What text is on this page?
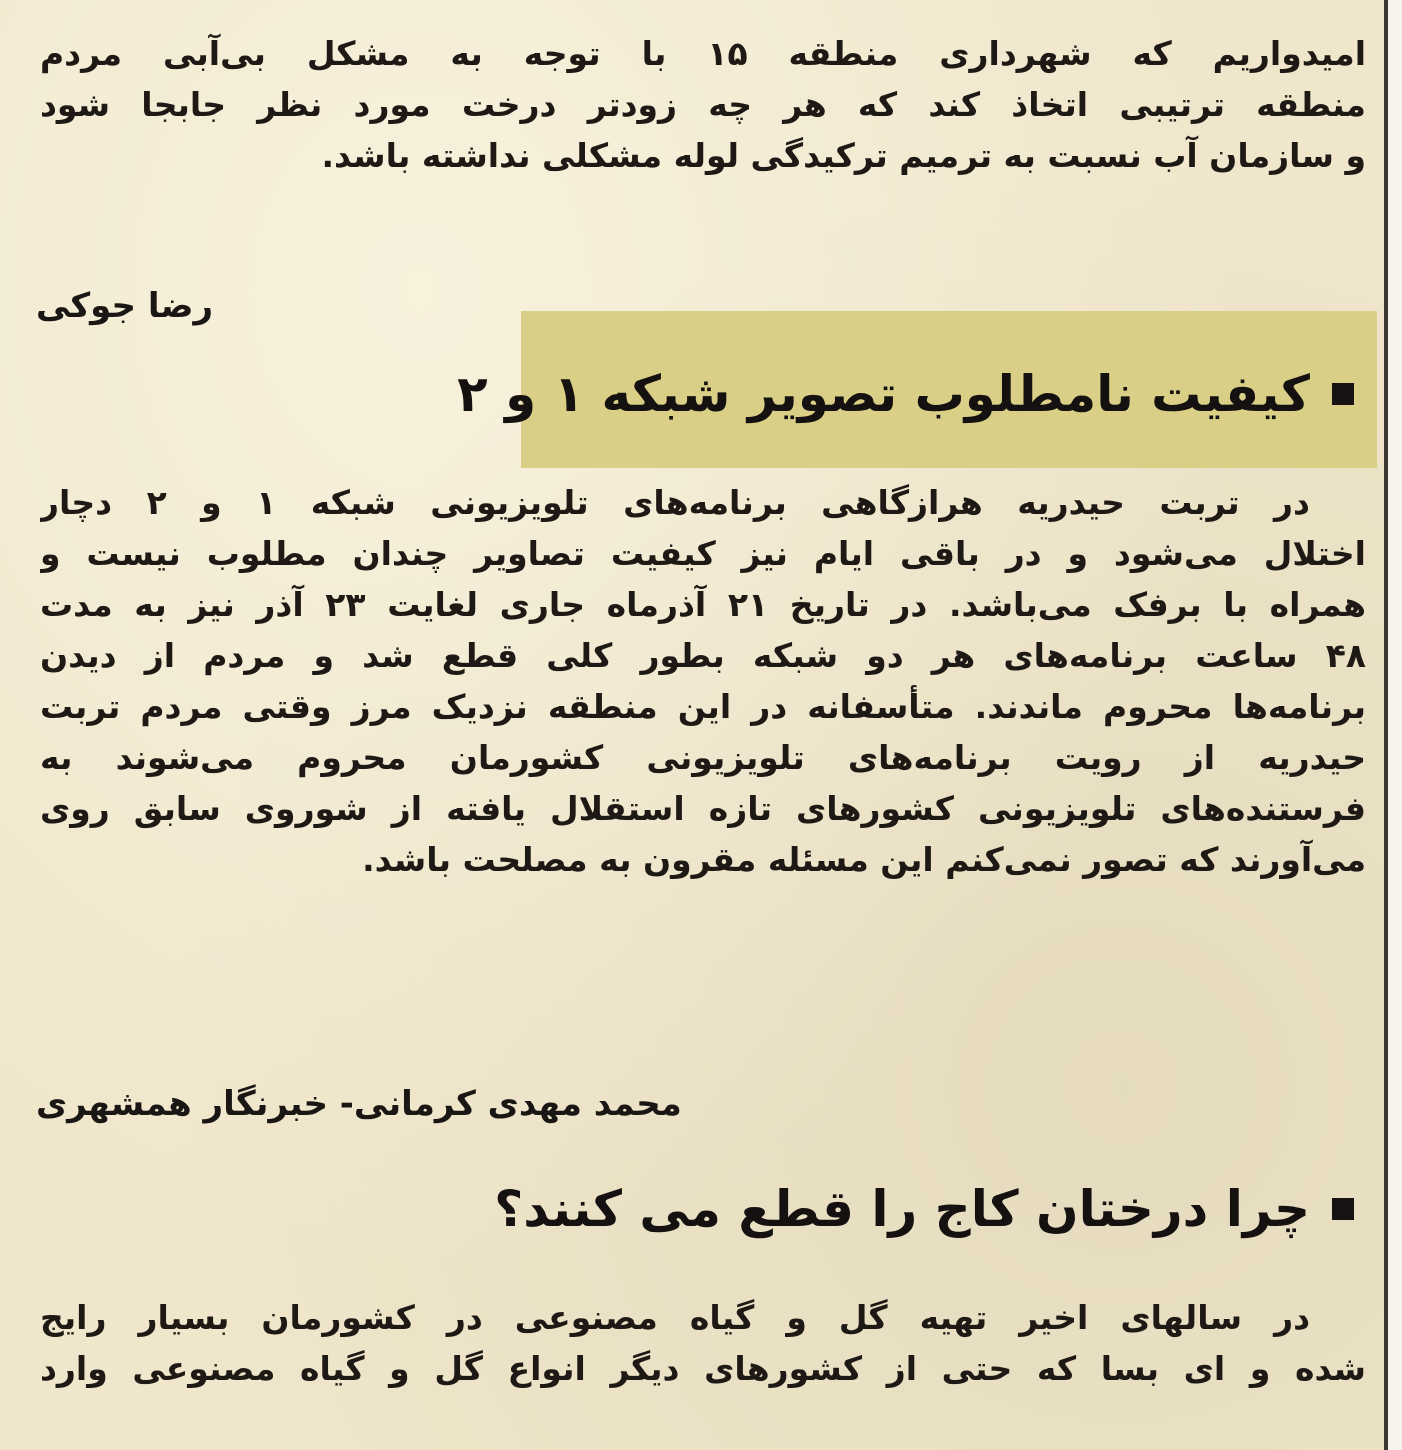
امیدواریم که شهرداری منطقه ۱۵ با توجه به مشکل بی‌آبی مردم
منطقه ترتیبی اتخاذ کند که هر چه زودتر درخت مورد نظر جابجا شود
و سازمان آب نسبت به ترمیم ترکیدگی لوله مشکلی نداشته باشد.
رضا جوکی
کیفیت نامطلوب تصویر شبکه ۱ و ۲
در تربت حیدریه هرازگاهی برنامه‌های تلویزیونی شبکه ۱ و ۲ دچار
اختلال می‌شود و در باقی ایام نیز کیفیت تصاویر چندان مطلوب نیست و
همراه با برفک می‌باشد. در تاریخ ۲۱ آذرماه جاری لغایت ۲۳ آذر نیز به مدت
۴۸ ساعت برنامه‌های هر دو شبکه بطور کلی قطع شد و مردم از دیدن
برنامه‌ها محروم ماندند. متأسفانه در این منطقه نزدیک مرز وقتی مردم تربت
حیدریه از رویت برنامه‌های تلویزیونی کشورمان محروم می‌شوند به
فرستنده‌های تلویزیونی کشورهای تازه استقلال یافته از شوروی سابق روی
می‌آورند که تصور نمی‌کنم این مسئله مقرون به مصلحت باشد.
محمد مهدی کرمانی- خبرنگار همشهری
چرا درختان کاج را قطع می کنند؟
در سالهای اخیر تهیه گل و گیاه مصنوعی در کشورمان بسیار رایج
شده و ای بسا که حتی از کشورهای دیگر انواع گل و گیاه مصنوعی وارد
